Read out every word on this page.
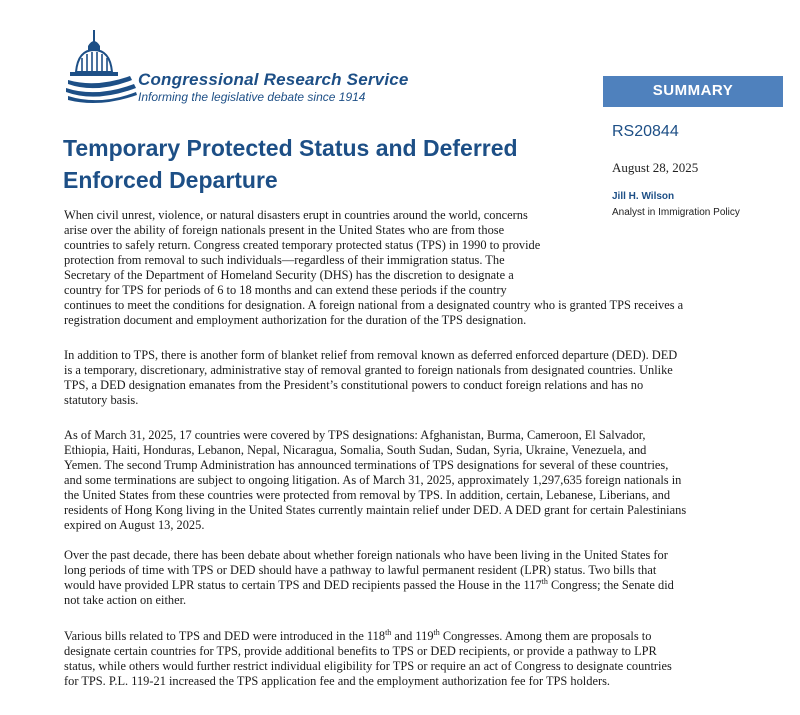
Congressional Research Service
Informing the legislative debate since 1914	SUMMARY
RS20844
August 28, 2025
Jill H. Wilson
Analyst in Immigration Policy
Temporary Protected Status and Deferred Enforced Departure
When civil unrest, violence, or natural disasters erupt in countries around the world, concerns
arise over the ability of foreign nationals present in the United States who are from those
countries to safely return. Congress created temporary protected status (TPS) in 1990 to provide
protection from removal to such individuals—regardless of their immigration status. The
Secretary of the Department of Homeland Security (DHS) has the discretion to designate a
country for TPS for periods of 6 to 18 months and can extend these periods if the country
continues to meet the conditions for designation. A foreign national from a designated country who is granted TPS receives a
registration document and employment authorization for the duration of the TPS designation.
In addition to TPS, there is another form of blanket relief from removal known as deferred enforced departure (DED). DED
is a temporary, discretionary, administrative stay of removal granted to foreign nationals from designated countries. Unlike
TPS, a DED designation emanates from the President’s constitutional powers to conduct foreign relations and has no
statutory basis.
As of March 31, 2025, 17 countries were covered by TPS designations: Afghanistan, Burma, Cameroon, El Salvador,
Ethiopia, Haiti, Honduras, Lebanon, Nepal, Nicaragua, Somalia, South Sudan, Sudan, Syria, Ukraine, Venezuela, and
Yemen. The second Trump Administration has announced terminations of TPS designations for several of these countries,
and some terminations are subject to ongoing litigation. As of March 31, 2025, approximately 1,297,635 foreign nationals in
the United States from these countries were protected from removal by TPS. In addition, certain, Lebanese, Liberians, and
residents of Hong Kong living in the United States currently maintain relief under DED. A DED grant for certain Palestinians
expired on August 13, 2025.
Over the past decade, there has been debate about whether foreign nationals who have been living in the United States for
long periods of time with TPS or DED should have a pathway to lawful permanent resident (LPR) status. Two bills that
would have provided LPR status to certain TPS and DED recipients passed the House in the 117th Congress; the Senate did
not take action on either.
Various bills related to TPS and DED were introduced in the 118th and 119th Congresses. Among them are proposals to
designate certain countries for TPS, provide additional benefits to TPS or DED recipients, or provide a pathway to LPR
status, while others would further restrict individual eligibility for TPS or require an act of Congress to designate countries
for TPS. P.L. 119-21 increased the TPS application fee and the employment authorization fee for TPS holders.
